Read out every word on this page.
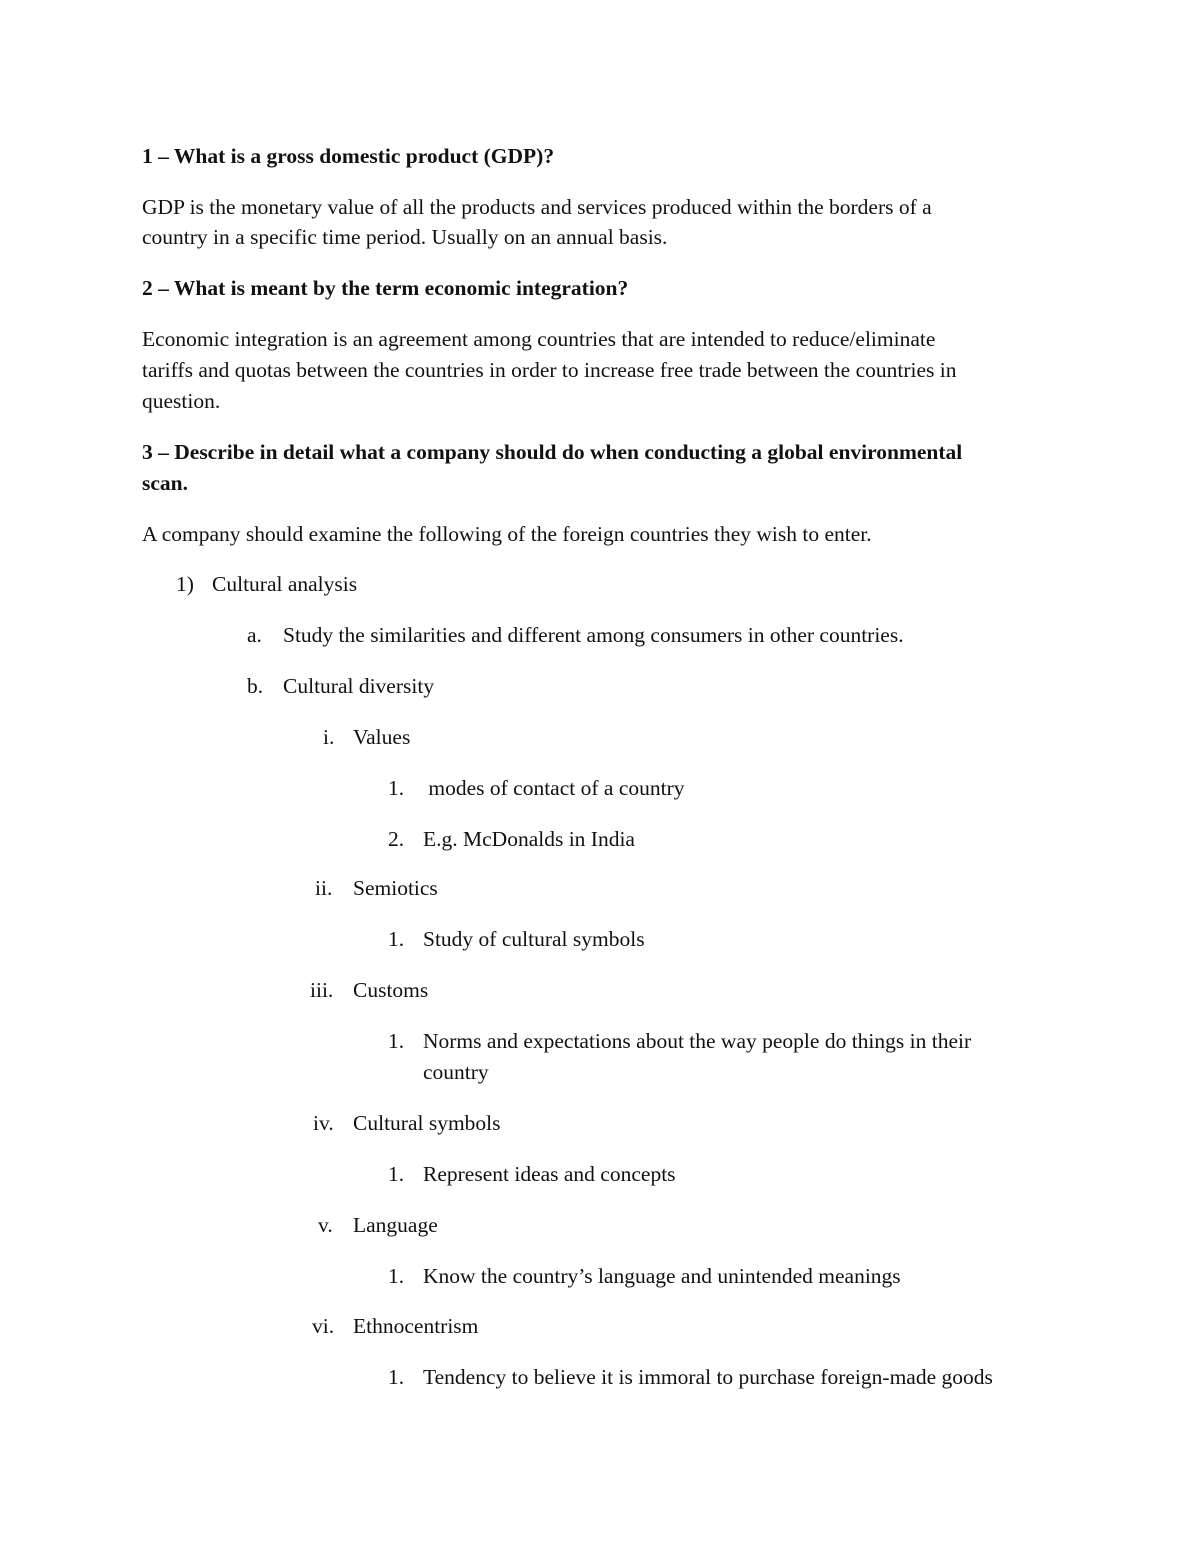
1 – What is a gross domestic product (GDP)?
GDP is the monetary value of all the products and services produced within the borders of a
country in a specific time period. Usually on an annual basis.
2 – What is meant by the term economic integration?
Economic integration is an agreement among countries that are intended to reduce/eliminate
tariffs and quotas between the countries in order to increase free trade between the countries in
question.
3 – Describe in detail what a company should do when conducting a global environmental
scan.
A company should examine the following of the foreign countries they wish to enter.
1) Cultural analysis
a. Study the similarities and different among consumers in other countries.
b. Cultural diversity
i. Values
1. modes of contact of a country
2. E.g. McDonalds in India
ii. Semiotics
1. Study of cultural symbols
iii. Customs
1. Norms and expectations about the way people do things in their
country
iv. Cultural symbols
1. Represent ideas and concepts
v. Language
1. Know the country’s language and unintended meanings
vi. Ethnocentrism
1. Tendency to believe it is immoral to purchase foreign-made goods
